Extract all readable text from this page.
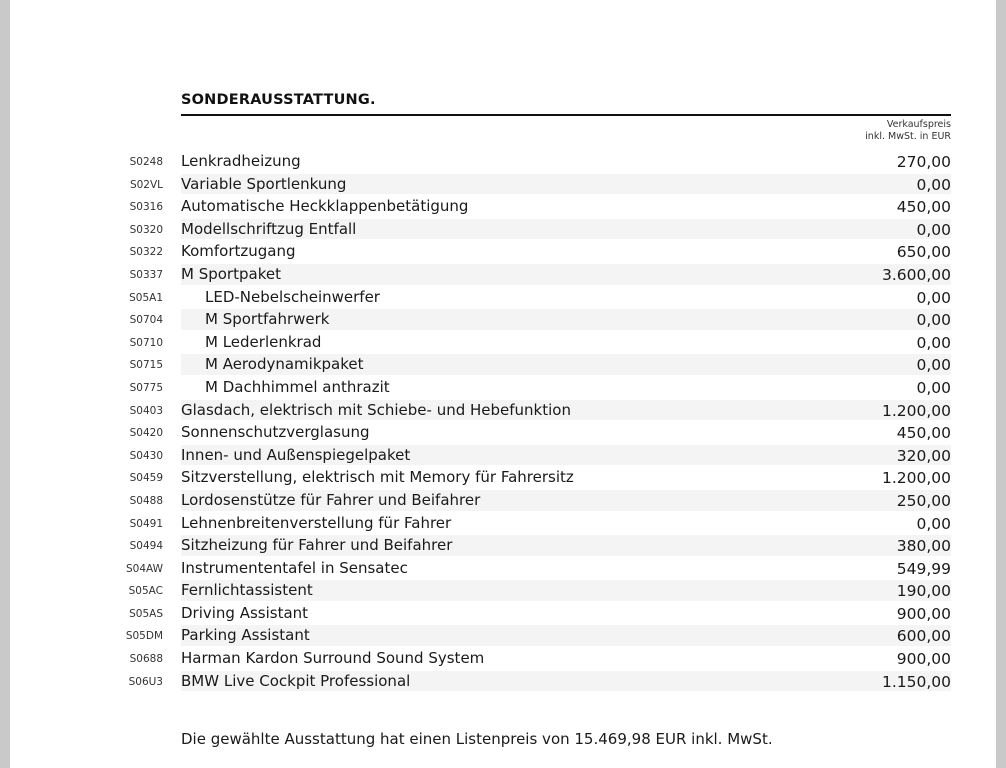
SONDERAUSSTATTUNG.
Verkaufspreis
inkl. MwSt. in EUR
S0248 Lenkradheizung	270,00
S02VL Variable Sportlenkung	0,00
S0316 Automatische Heckklappenbetätigung	450,00
S0320 Modellschriftzug Entfall	0,00
S0322 Komfortzugang	650,00
S0337 M Sportpaket	3.600,00
S05A1	LED-Nebelscheinwerfer	0,00
S0704	M Sportfahrwerk	0,00
S0710	M Lederlenkrad	0,00
S0715	M Aerodynamikpaket	0,00
S0775	M Dachhimmel anthrazit	0,00
S0403 Glasdach, elektrisch mit Schiebe- und Hebefunktion	1.200,00
S0420 Sonnenschutzverglasung	450,00
S0430 Innen- und Außenspiegelpaket	320,00
S0459 Sitzverstellung, elektrisch mit Memory für Fahrersitz	1.200,00
S0488 Lordosenstütze für Fahrer und Beifahrer	250,00
S0491 Lehnenbreitenverstellung für Fahrer	0,00
S0494 Sitzheizung für Fahrer und Beifahrer	380,00
S04AW Instrumententafel in Sensatec	549,99
S05AC Fernlichtassistent	190,00
S05AS Driving Assistant	900,00
S05DM Parking Assistant	600,00
S0688 Harman Kardon Surround Sound System	900,00
S06U3 BMW Live Cockpit Professional	1.150,00
Die gewählte Ausstattung hat einen Listenpreis von 15.469,98 EUR inkl. MwSt.
